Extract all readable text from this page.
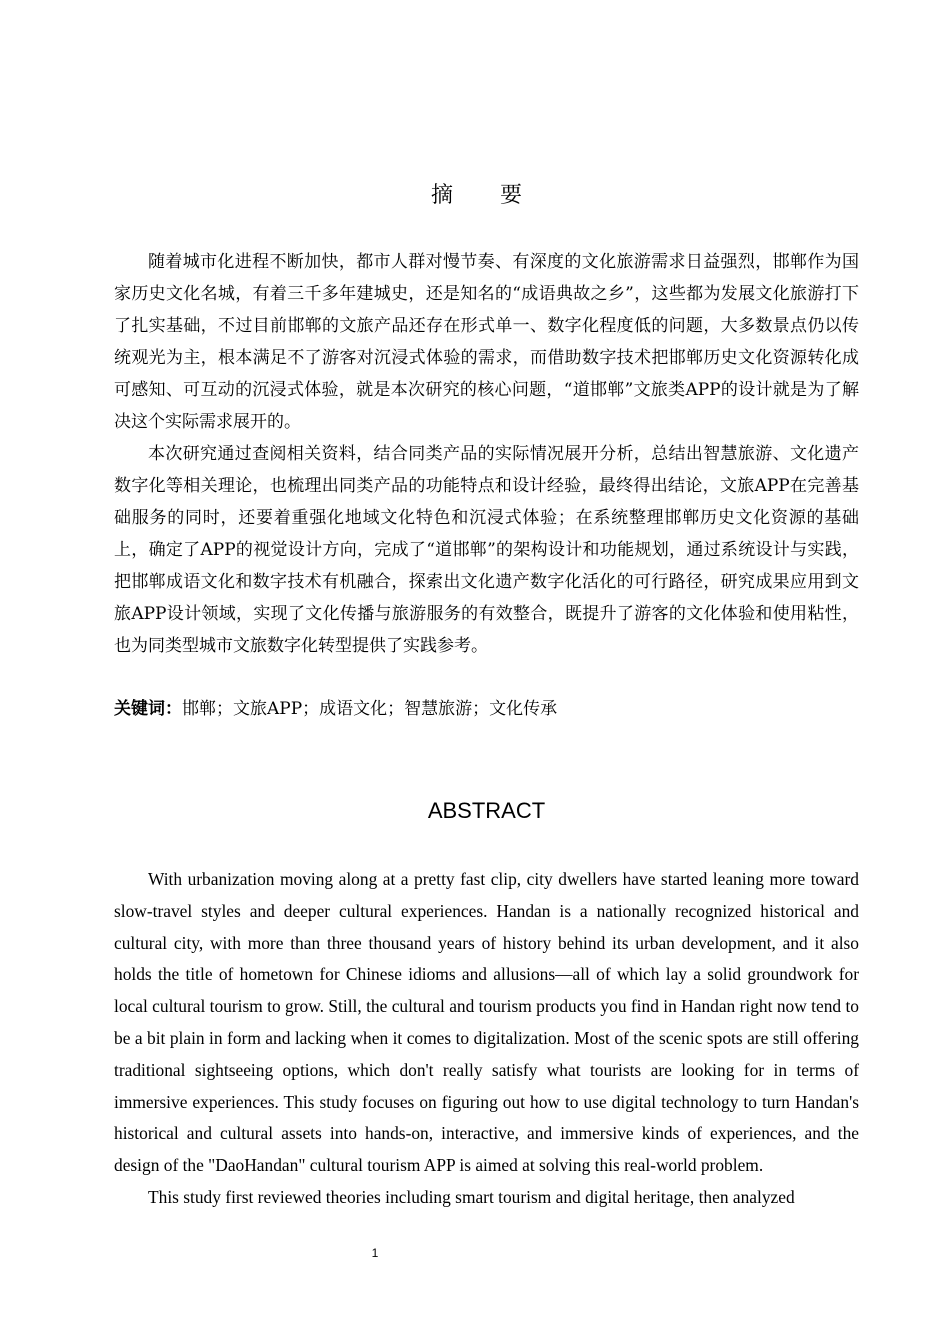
摘 要

随着城市化进程不断加快，都市人群对慢节奏、有深度的文化旅游需求日益强烈，邯郸作为国家历史文化名城，有着三千多年建城史，还是知名的“成语典故之乡”，这些都为发展文化旅游打下了扎实基础，不过目前邯郸的文旅产品还存在形式单一、数字化程度低的问题，大多数景点仍以传统观光为主，根本满足不了游客对沉浸式体验的需求，而借助数字技术把邯郸历史文化资源转化成可感知、可互动的沉浸式体验，就是本次研究的核心问题，“道邯郸”文旅类APP的设计就是为了解决这个实际需求展开的。

本次研究通过查阅相关资料，结合同类产品的实际情况展开分析，总结出智慧旅游、文化遗产数字化等相关理论，也梳理出同类产品的功能特点和设计经验，最终得出结论，文旅APP在完善基础服务的同时，还要着重强化地域文化特色和沉浸式体验；在系统整理邯郸历史文化资源的基础上，确定了APP的视觉设计方向，完成了“道邯郸”的架构设计和功能规划，通过系统设计与实践，把邯郸成语文化和数字技术有机融合，探索出文化遗产数字化活化的可行路径，研究成果应用到文旅APP设计领域，实现了文化传播与旅游服务的有效整合，既提升了游客的文化体验和使用粘性，也为同类型城市文旅数字化转型提供了实践参考。

关键词：邯郸；文旅APP；成语文化；智慧旅游；文化传承
ABSTRACT

With urbanization moving along at a pretty fast clip, city dwellers have started leaning more toward slow-travel styles and deeper cultural experiences. Handan is a nationally recognized historical and cultural city, with more than three thousand years of history behind its urban development, and it also holds the title of hometown for Chinese idioms and allusions—all of which lay a solid groundwork for local cultural tourism to grow. Still, the cultural and tourism products you find in Handan right now tend to be a bit plain in form and lacking when it comes to digitalization. Most of the scenic spots are still offering traditional sightseeing options, which don't really satisfy what tourists are looking for in terms of immersive experiences. This study focuses on figuring out how to use digital technology to turn Handan's historical and cultural assets into hands-on, interactive, and immersive kinds of experiences, and the design of the "DaoHandan" cultural tourism APP is aimed at solving this real-world problem.

This study first reviewed theories including smart tourism and digital heritage, then analyzed

1
